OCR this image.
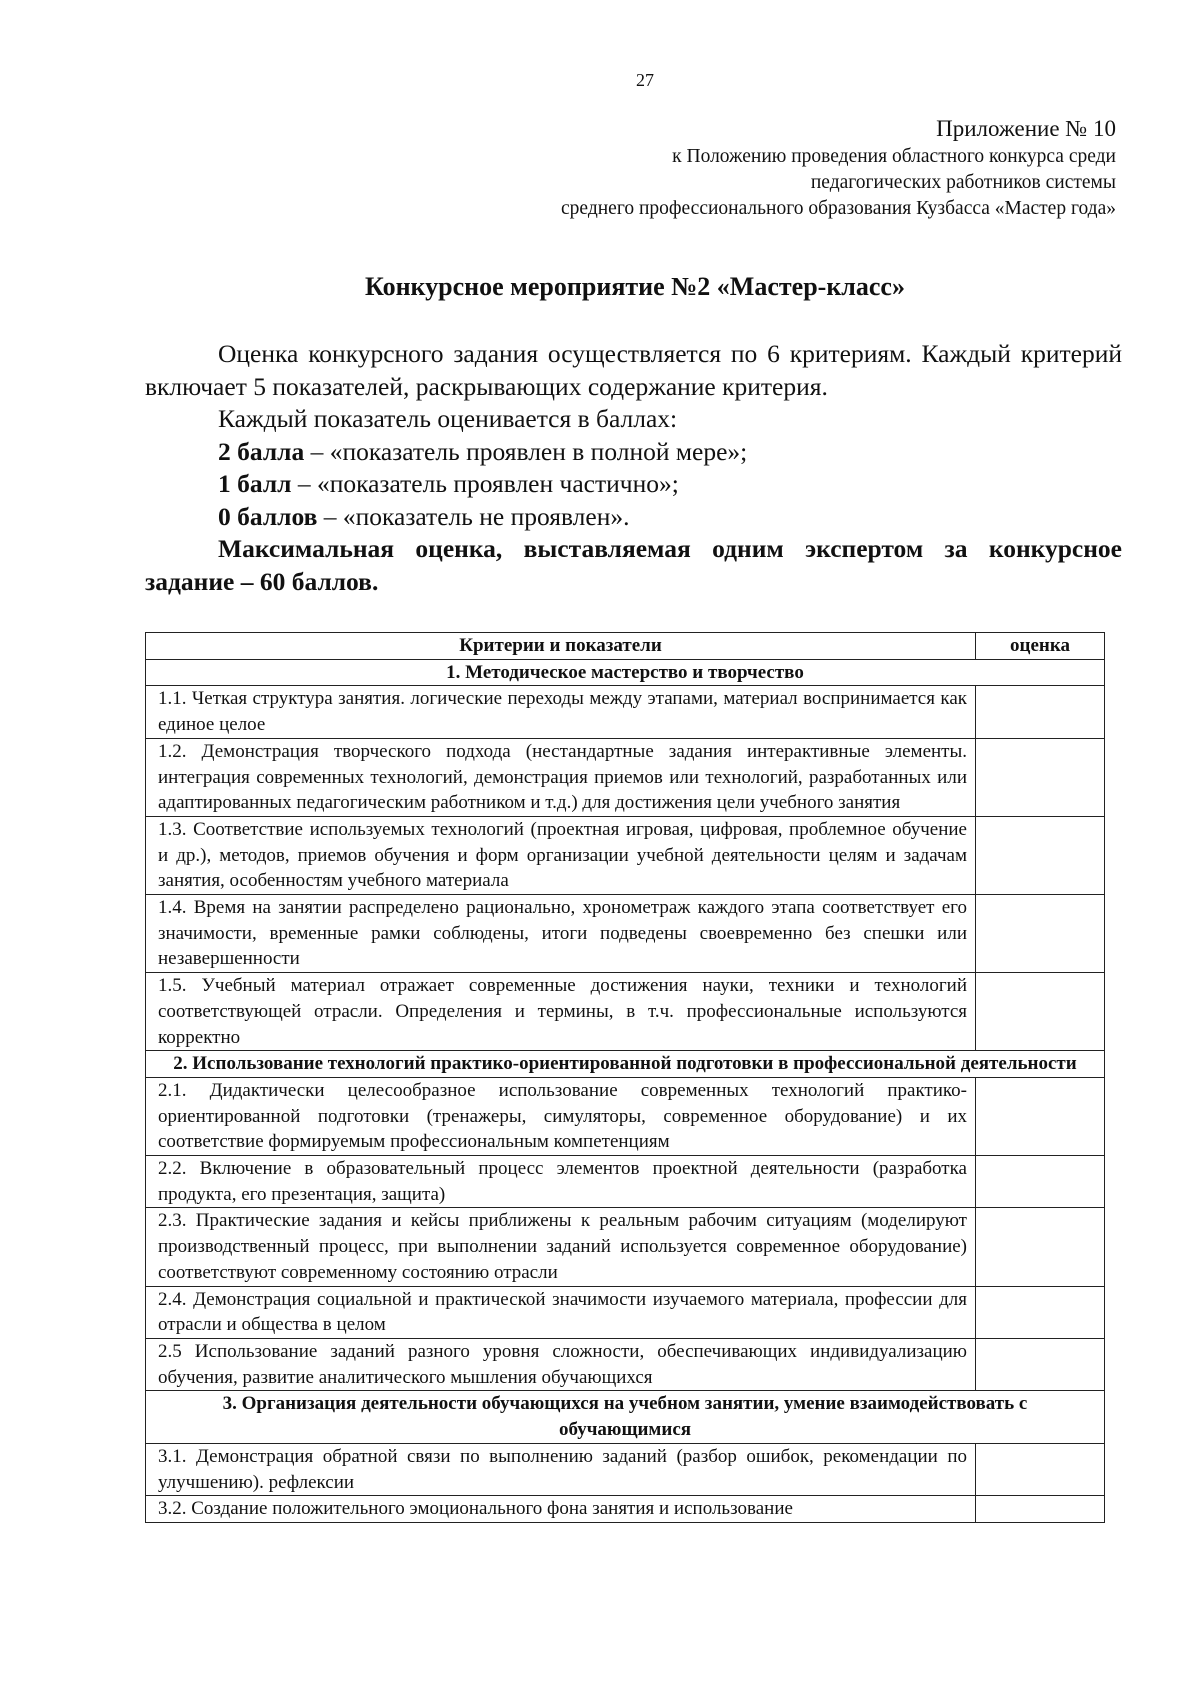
27
Приложение № 10
к Положению проведения областного конкурса среди
педагогических работников системы
среднего профессионального образования Кузбасса «Мастер года»
Конкурсное мероприятие №2 «Мастер-класс»

Оценка конкурсного задания осуществляется по 6 критериям. Каждый критерий включает 5 показателей, раскрывающих содержание критерия.

Каждый показатель оценивается в баллах:

2 балла – «показатель проявлен в полной мере»;

1 балл – «показатель проявлен частично»;

0 баллов – «показатель не проявлен».

Максимальная оценка, выставляемая одним экспертом за конкурсное задание – 60 баллов.

Критерии и показатели	оценка
1. Методическое мастерство и творчество	
1.1. Четкая структура занятия. логические переходы между этапами, материал воспринимается как единое целое	
1.2. Демонстрация творческого подхода (нестандартные задания интерактивные элементы. интеграция современных технологий, демонстрация приемов или технологий, разработанных или адаптированных педагогическим работником и т.д.) для достижения цели учебного занятия	
1.3. Соответствие используемых технологий (проектная игровая, цифровая, проблемное обучение и др.), методов, приемов обучения и форм организации учебной деятельности целям и задачам занятия, особенностям учебного материала	
1.4. Время на занятии распределено рационально, хронометраж каждого этапа соответствует его значимости, временные рамки соблюдены, итоги подведены своевременно без спешки или незавершенности	
1.5. Учебный материал отражает современные достижения науки, техники и технологий соответствующей отрасли. Определения и термины, в т.ч. профессиональные используются корректно	
2. Использование технологий практико-ориентированной подготовки в профессиональной деятельности	
2.1. Дидактически целесообразное использование современных технологий практико-ориентированной подготовки (тренажеры, симуляторы, современное оборудование) и их соответствие формируемым профессиональным компетенциям	
2.2. Включение в образовательный процесс элементов проектной деятельности (разработка продукта, его презентация, защита)	
2.3. Практические задания и кейсы приближены к реальным рабочим ситуациям (моделируют производственный процесс, при выполнении заданий используется современное оборудование) соответствуют современному состоянию отрасли	
2.4. Демонстрация социальной и практической значимости изучаемого материала, профессии для отрасли и общества в целом	
2.5 Использование заданий разного уровня сложности, обеспечивающих индивидуализацию обучения, развитие аналитического мышления обучающихся	
3. Организация деятельности обучающихся на учебном занятии, умение взаимодействовать с обучающимися	
3.1. Демонстрация обратной связи по выполнению заданий (разбор ошибок, рекомендации по улучшению). рефлексии	
3.2. Создание положительного эмоционального фона занятия и использование	
